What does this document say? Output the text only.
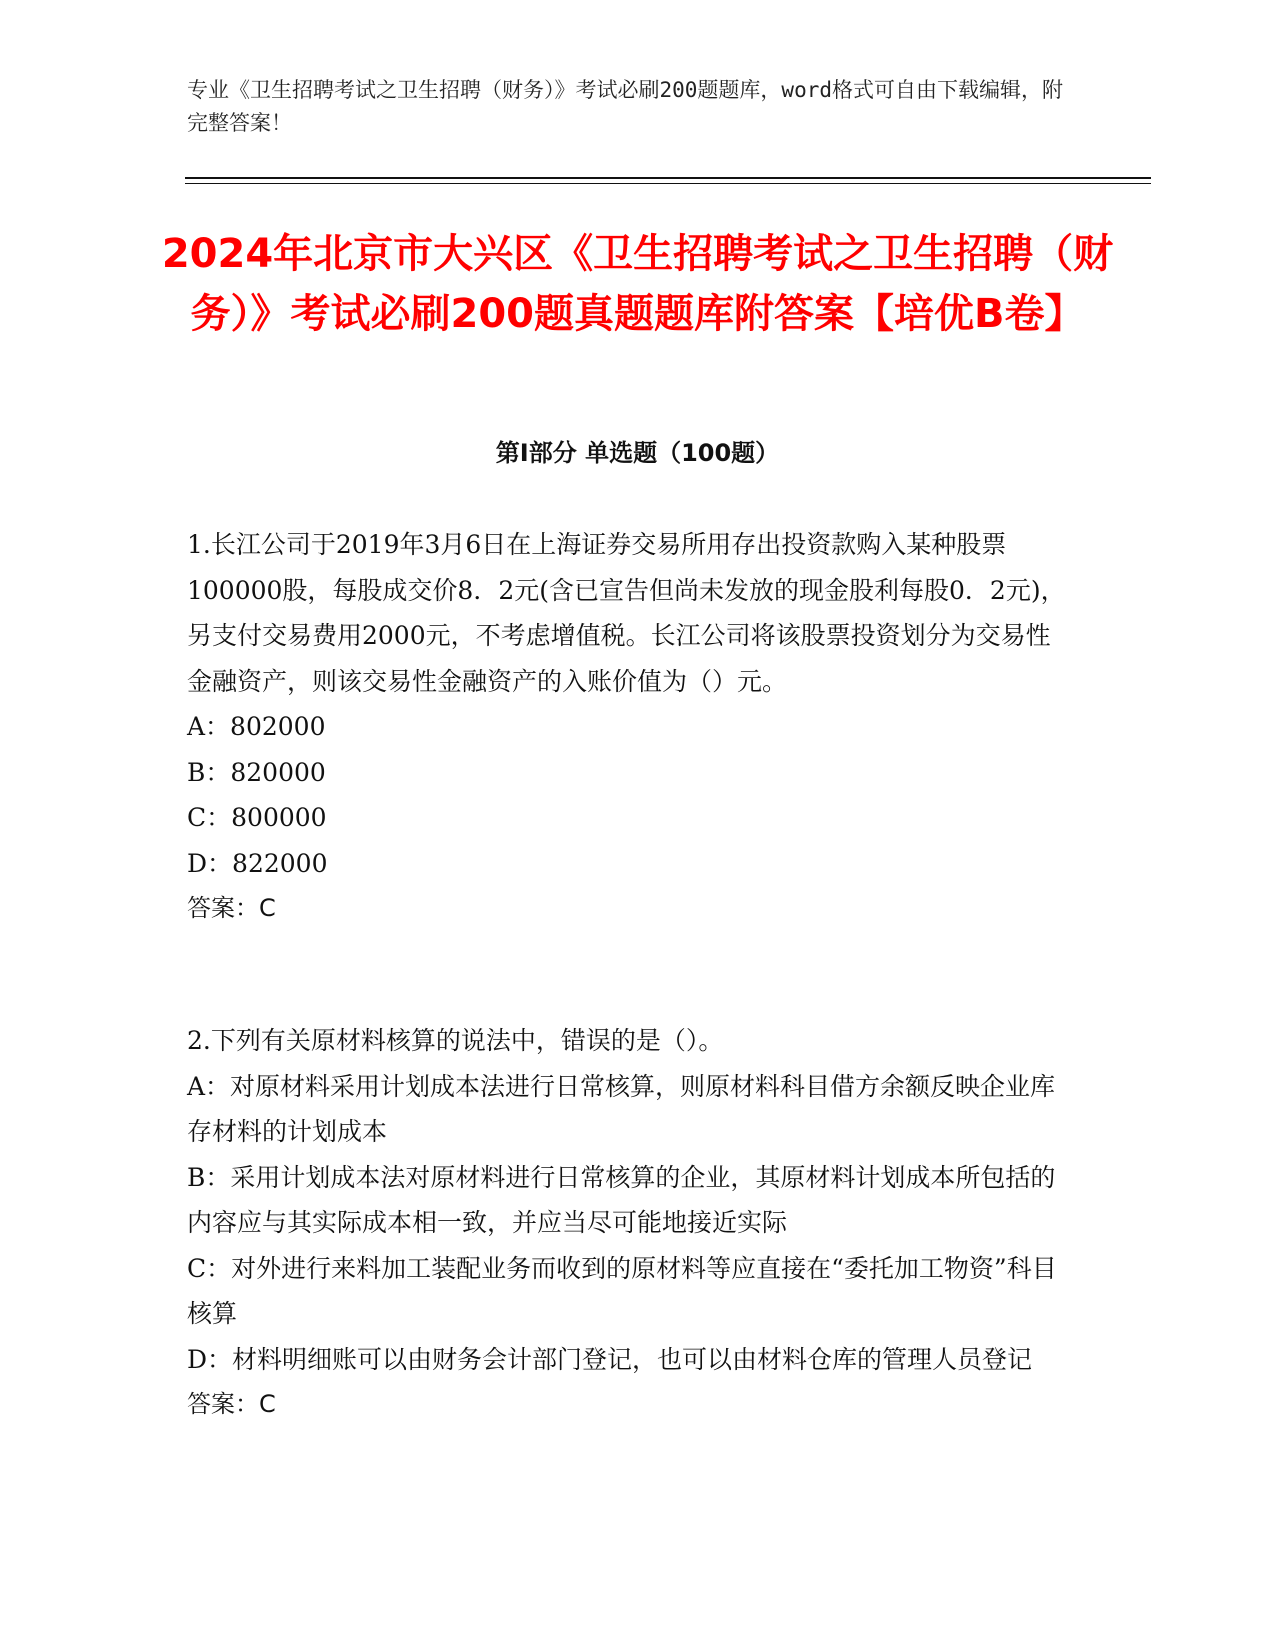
专业《卫生招聘考试之卫生招聘（财务）》考试必刷200题题库，word格式可自由下载编辑，附完整答案！
2024年北京市大兴区《卫生招聘考试之卫生招聘（财务）》考试必刷200题真题题库附答案【培优B卷】
第Ⅰ部分 单选题（100题）
1.长江公司于2019年3月6日在上海证券交易所用存出投资款购入某种股票100000股，每股成交价8．2元(含已宣告但尚未发放的现金股利每股0．2元)，另支付交易费用2000元，不考虑增值税。长江公司将该股票投资划分为交易性金融资产，则该交易性金融资产的入账价值为（）元。
A：802000
B：820000
C：800000
D：822000
答案：C
2.下列有关原材料核算的说法中，错误的是（）。
A：对原材料采用计划成本法进行日常核算，则原材料科目借方余额反映企业库存材料的计划成本
B：采用计划成本法对原材料进行日常核算的企业，其原材料计划成本所包括的内容应与其实际成本相一致，并应当尽可能地接近实际
C：对外进行来料加工装配业务而收到的原材料等应直接在“委托加工物资”科目核算
D：材料明细账可以由财务会计部门登记，也可以由材料仓库的管理人员登记
答案：C
